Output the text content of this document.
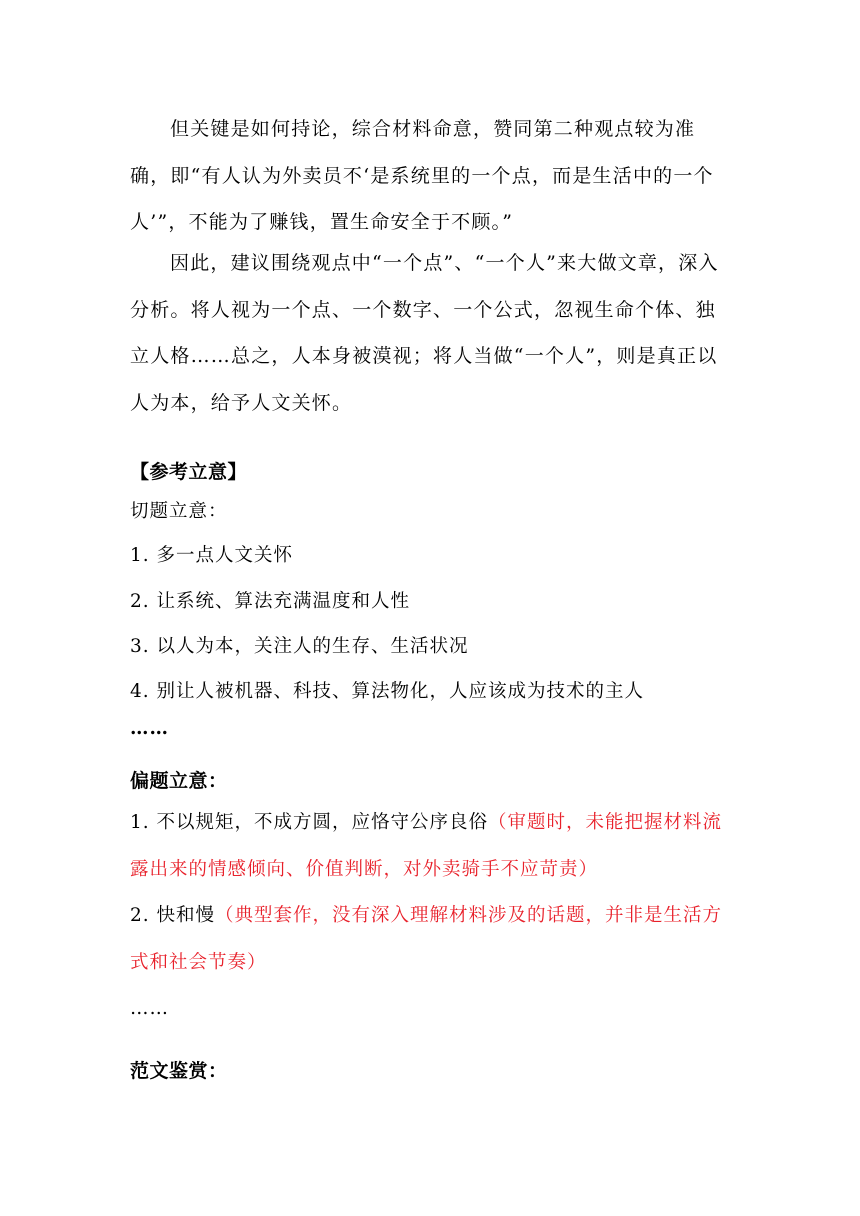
但关键是如何持论，综合材料命意，赞同第二种观点较为准确，即“有人认为外卖员不‘是系统里的一个点，而是生活中的一个人’”，不能为了赚钱，置生命安全于不顾。”

因此，建议围绕观点中“一个点”、“一个人”来大做文章，深入分析。将人视为一个点、一个数字、一个公式，忽视生命个体、独立人格……总之，人本身被漠视；将人当做“一个人”，则是真正以人为本，给予人文关怀。

【参考立意】

切题立意：

1. 多一点人文关怀

2. 让系统、算法充满温度和人性

3. 以人为本，关注人的生存、生活状况

4. 别让人被机器、科技、算法物化，人应该成为技术的主人

……

偏题立意：

1. 不以规矩，不成方圆，应恪守公序良俗（审题时，未能把握材料流露出来的情感倾向、价值判断，对外卖骑手不应苛责）

2. 快和慢（典型套作，没有深入理解材料涉及的话题，并非是生活方式和社会节奏）

……

范文鉴赏：
